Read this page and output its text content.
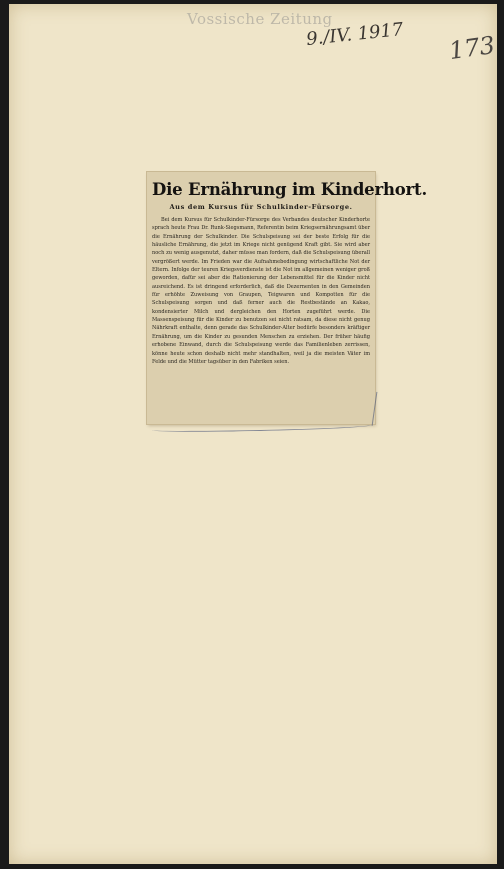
Vossische Zeitung
9./IV. 1917 173
Die Ernährung im Kinderhort.
Aus dem Kursus für Schulkinder-Fürsorge.

Bei dem Kursus für Schulkinder-Fürsorge des Verbandes deutscher Kinderhorte sprach heute Frau Dr. Runk-Siegsmann, Referentin beim Kriegsernährungsamt über die Ernährung der Schulkinder. Die Schulspeisung sei der beste Erfolg für die häusliche Ernährung, die jetzt im Kriege nicht genügend Kraft gibt. Sie wird aber noch zu wenig ausgenutzt, daher müsse man fordern, daß die Schulspeisung überall vergrößert werde. Im Frieden war die Aufnahmebedingung wirtschaftliche Not der Eltern. Infolge der teuren Kriegsverdienste ist die Not im allgemeinen weniger groß geworden, dafür sei aber die Rationierung der Lebensmittel für die Kinder nicht ausreichend. Es ist dringend erforderlich, daß die Dezernenten in den Gemeinden für erhöhte Zuweisung von Graupen, Teigwaren und Kompotten für die Schulspeisung sorgen und daß ferner auch die Restbestände an Kakao, kondensierter Milch und dergleichen den Horten zugeführt werde. Die Massenspeisung für die Kinder zu benutzen sei nicht ratsam, da diese nicht genug Nährkraft enthalte, denn gerade das Schulkinder-Alter bedürfe besonders kräftiger Ernährung, um die Kinder zu gesunden Menschen zu erziehen. Der früher häufig erhobene Einwand, durch die Schulspeisung werde das Familienleben zerrissen, könne heute schon deshalb nicht mehr standhalten, weil ja die meisten Väter im Felde und die Mütter tagsüber in den Fabriken seien.
